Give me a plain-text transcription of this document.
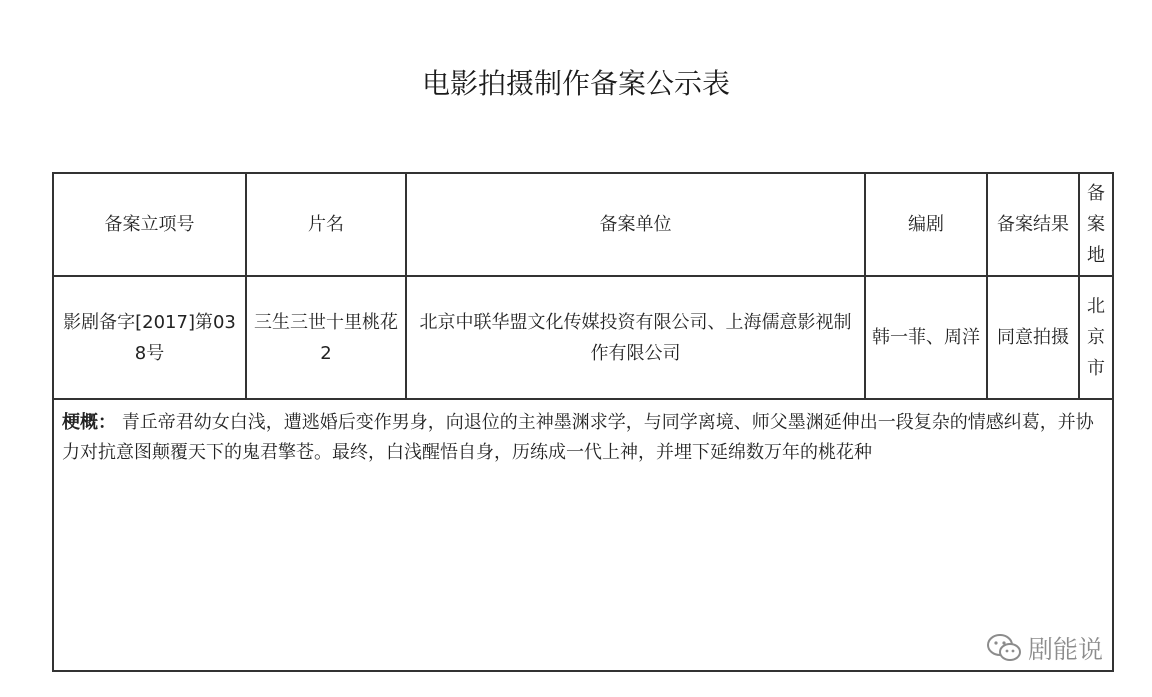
电影拍摄制作备案公示表
备案立项号	片名	备案单位	编剧	备案结果	备案地
影剧备字[2017]第038号	三生三世十里桃花2	北京中联华盟文化传媒投资有限公司、上海儒意影视制作有限公司	韩一菲、周洋	同意拍摄	北京市
梗概： 青丘帝君幼女白浅，遭逃婚后变作男身，向退位的主神墨渊求学，与同学离境、师父墨渊延伸出一段复杂的情感纠葛，并协力对抗意图颠覆天下的鬼君擎苍。最终，白浅醒悟自身，历练成一代上神，并埋下延绵数万年的桃花种					
剧能说
